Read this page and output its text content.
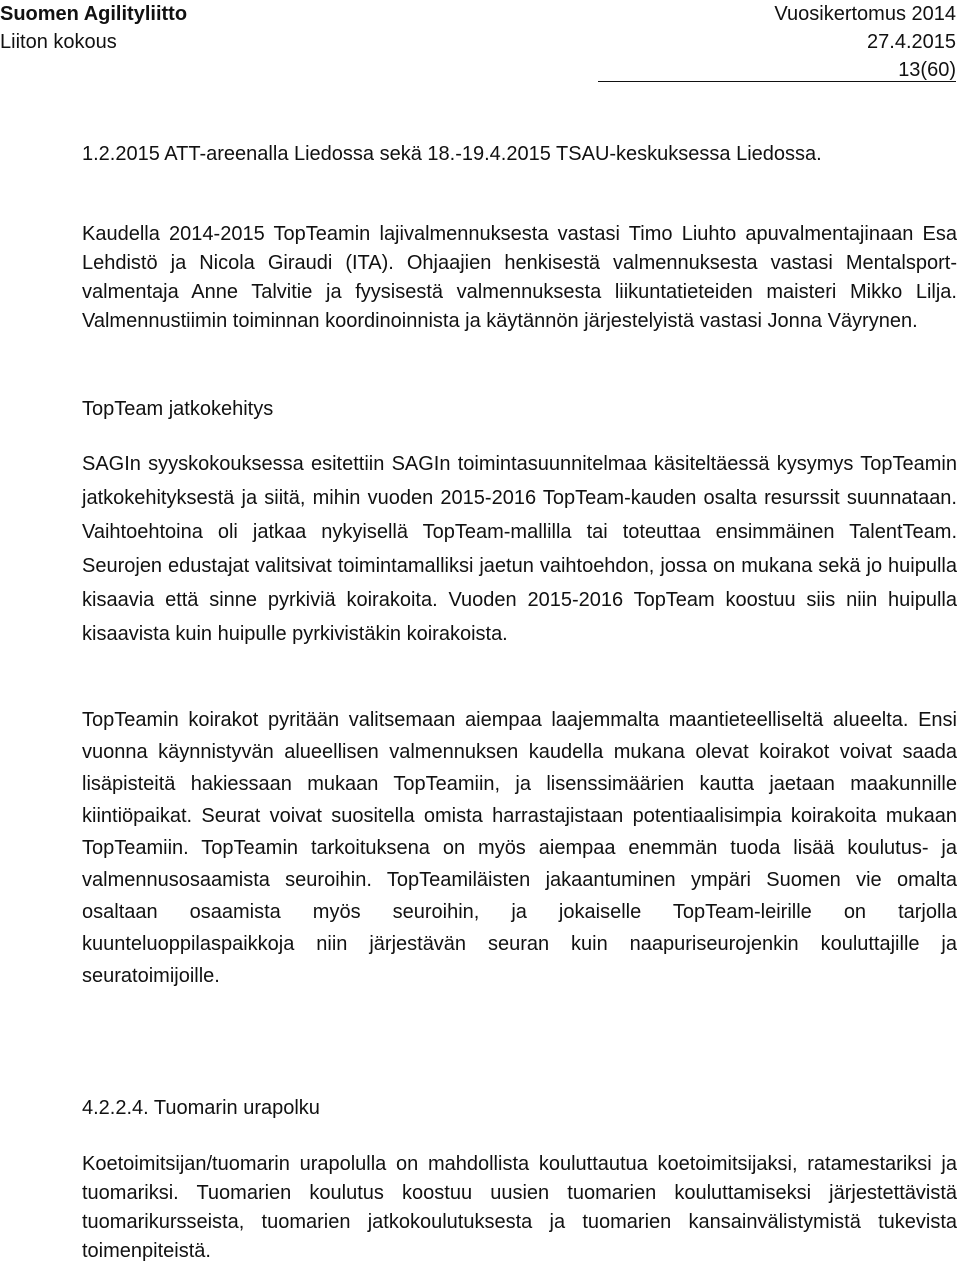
Suomen Agilityliitto	Vuosikertomus 2014
Liiton kokous	27.4.2015
13(60)
1.2.2015 ATT-areenalla Liedossa sekä 18.-19.4.2015 TSAU-keskuksessa Liedossa.
Kaudella 2014-2015 TopTeamin lajivalmennuksesta vastasi Timo Liuhto apuvalmentajinaan Esa Lehdistö ja Nicola Giraudi (ITA). Ohjaajien henkisestä valmennuksesta vastasi Mentalsport-valmentaja Anne Talvitie ja fyysisestä valmennuksesta liikuntatieteiden maisteri Mikko Lilja. Valmennustiimin toiminnan koordinoinnista ja käytännön järjestelyistä vastasi Jonna Väyrynen.
TopTeam jatkokehitys
SAGIn syyskokouksessa esitettiin SAGIn toimintasuunnitelmaa käsiteltäessä kysymys TopTeamin jatkokehityksestä ja siitä, mihin vuoden 2015-2016 TopTeam-kauden osalta resurssit suunnataan. Vaihtoehtoina oli jatkaa nykyisellä TopTeam-mallilla tai toteuttaa ensimmäinen TalentTeam. Seurojen edustajat valitsivat toimintamalliksi jaetun vaihtoehdon, jossa on mukana sekä jo huipulla kisaavia että sinne pyrkiviä koirakoita. Vuoden 2015-2016 TopTeam koostuu siis niin huipulla kisaavista kuin huipulle pyrkivistäkin koirakoista.
TopTeamin koirakot pyritään valitsemaan aiempaa laajemmalta maantieteelliseltä alueelta. Ensi vuonna käynnistyvän alueellisen valmennuksen kaudella mukana olevat koirakot voivat saada lisäpisteitä hakiessaan mukaan TopTeamiin, ja lisenssimäärien kautta jaetaan maakunnille kiintiöpaikat. Seurat voivat suositella omista harrastajistaan potentiaalisimpia koirakoita mukaan TopTeamiin. TopTeamin tarkoituksena on myös aiempaa enemmän tuoda lisää koulutus- ja valmennusosaamista seuroihin. TopTeamiläisten jakaantuminen ympäri Suomen vie omalta osaltaan osaamista myös seuroihin, ja jokaiselle TopTeam-leirille on tarjolla kuunteluoppilaspaikkoja niin järjestävän seuran kuin naapuriseurojenkin kouluttajille ja seuratoimijoille.
4.2.2.4. Tuomarin urapolku
Koetoimitsijan/tuomarin urapolulla on mahdollista kouluttautua koetoimitsijaksi, ratamestariksi ja tuomariksi. Tuomarien koulutus koostuu uusien tuomarien kouluttamiseksi järjestettävistä tuomarikursseista, tuomarien jatkokoulutuksesta ja tuomarien kansainvälistymistä tukevista toimenpiteistä.
